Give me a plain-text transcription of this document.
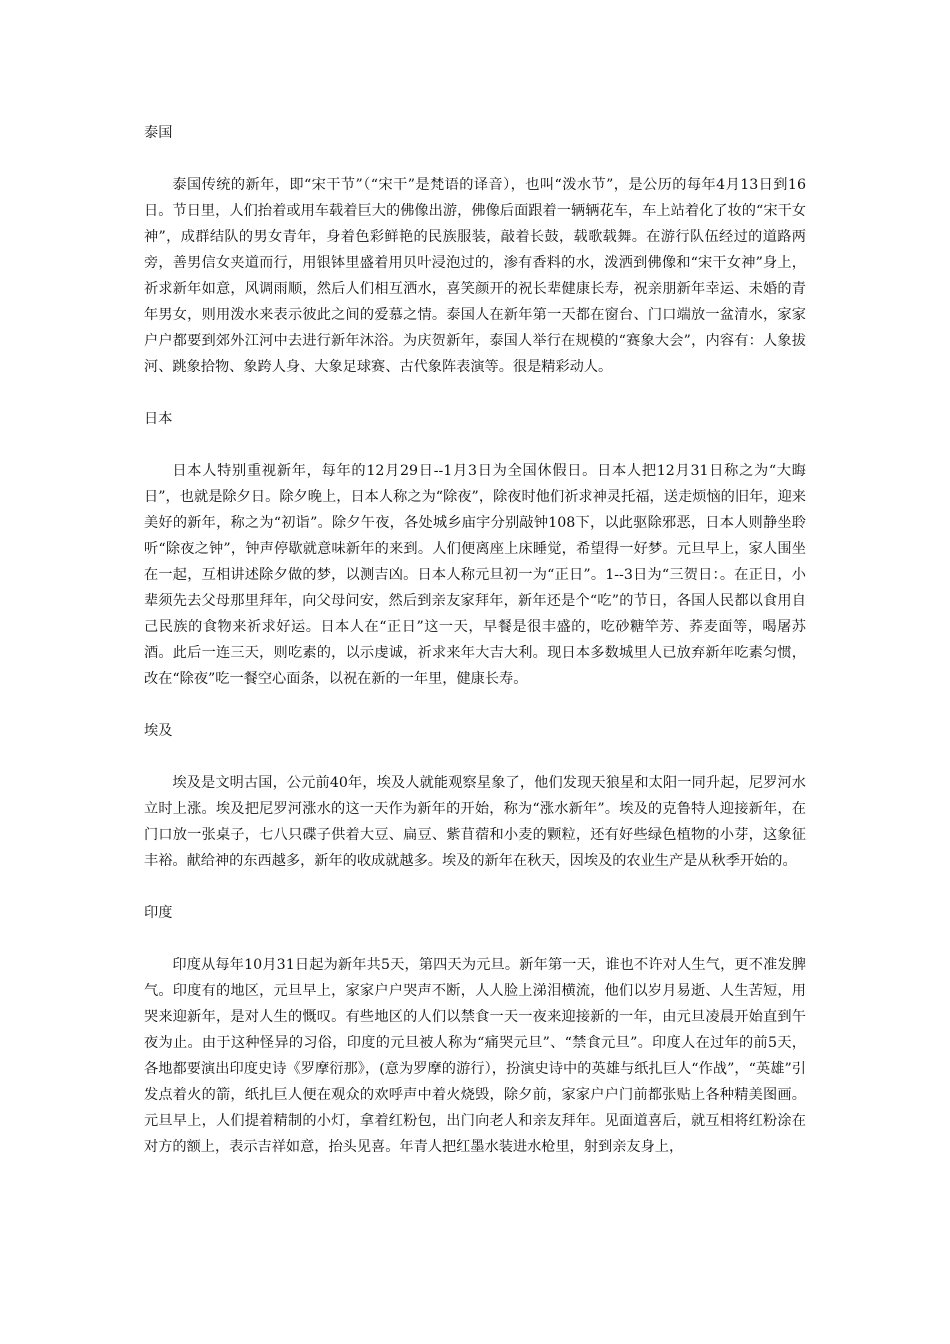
泰国

泰国传统的新年，即“宋干节”（“宋干”是梵语的译音），也叫“泼水节”，是公历的每年4月13日到16日。节日里，人们抬着或用车载着巨大的佛像出游，佛像后面跟着一辆辆花车，车上站着化了妆的“宋干女神”，成群结队的男女青年，身着色彩鲜艳的民族服装，敲着长鼓，载歌载舞。在游行队伍经过的道路两旁，善男信女夹道而行，用银钵里盛着用贝叶浸泡过的，渗有香料的水，泼洒到佛像和“宋干女神”身上，祈求新年如意，风调雨顺，然后人们相互洒水，喜笑颜开的祝长辈健康长寿，祝亲朋新年幸运、未婚的青年男女，则用泼水来表示彼此之间的爱慕之情。泰国人在新年第一天都在窗台、门口端放一盆清水，家家户户都要到郊外江河中去进行新年沐浴。为庆贺新年，泰国人举行在规模的“赛象大会”，内容有：人象拔河、跳象拾物、象跨人身、大象足球赛、古代象阵表演等。很是精彩动人。

日本

日本人特别重视新年，每年的12月29日--1月3日为全国休假日。日本人把12月31日称之为“大晦日”，也就是除夕日。除夕晚上，日本人称之为“除夜”，除夜时他们祈求神灵托福，送走烦恼的旧年，迎来美好的新年，称之为“初诣”。除夕午夜，各处城乡庙宇分别敲钟108下，以此驱除邪恶，日本人则静坐聆听“除夜之钟”，钟声停歇就意味新年的来到。人们便离座上床睡觉，希望得一好梦。元旦早上，家人围坐在一起，互相讲述除夕做的梦，以测吉凶。日本人称元旦初一为“正日”。1--3日为“三贺日：。在正日，小辈须先去父母那里拜年，向父母问安，然后到亲友家拜年，新年还是个“吃”的节日，各国人民都以食用自己民族的食物来祈求好运。日本人在“正日”这一天，早餐是很丰盛的，吃砂糖竿芳、荞麦面等，喝屠苏酒。此后一连三天，则吃素的，以示虔诚，祈求来年大吉大利。现日本多数城里人已放弃新年吃素匀惯，改在“除夜”吃一餐空心面条，以祝在新的一年里，健康长寿。

埃及

埃及是文明古国，公元前40年，埃及人就能观察星象了，他们发现天狼星和太阳一同升起，尼罗河水立时上涨。埃及把尼罗河涨水的这一天作为新年的开始，称为“涨水新年”。埃及的克鲁特人迎接新年，在门口放一张桌子，七八只碟子供着大豆、扁豆、紫苜蓿和小麦的颗粒，还有好些绿色植物的小芽，这象征丰裕。献给神的东西越多，新年的收成就越多。埃及的新年在秋天，因埃及的农业生产是从秋季开始的。

印度

印度从每年10月31日起为新年共5天，第四天为元旦。新年第一天，谁也不许对人生气，更不准发脾气。印度有的地区，元旦早上，家家户户哭声不断，人人脸上涕泪横流，他们以岁月易逝、人生苦短，用哭来迎新年，是对人生的慨叹。有些地区的人们以禁食一天一夜来迎接新的一年，由元旦凌晨开始直到午夜为止。由于这种怪异的习俗，印度的元旦被人称为“痛哭元旦”、“禁食元旦”。印度人在过年的前5天，各地都要演出印度史诗《罗摩衍那》，(意为罗摩的游行），扮演史诗中的英雄与纸扎巨人“作战”，“英雄”引发点着火的箭，纸扎巨人便在观众的欢呼声中着火烧毁，除夕前，家家户户门前都张贴上各种精美图画。元旦早上，人们提着精制的小灯，拿着红粉包，出门向老人和亲友拜年。见面道喜后，就互相将红粉涂在对方的额上，表示吉祥如意，抬头见喜。年青人把红墨水装进水枪里，射到亲友身上，
